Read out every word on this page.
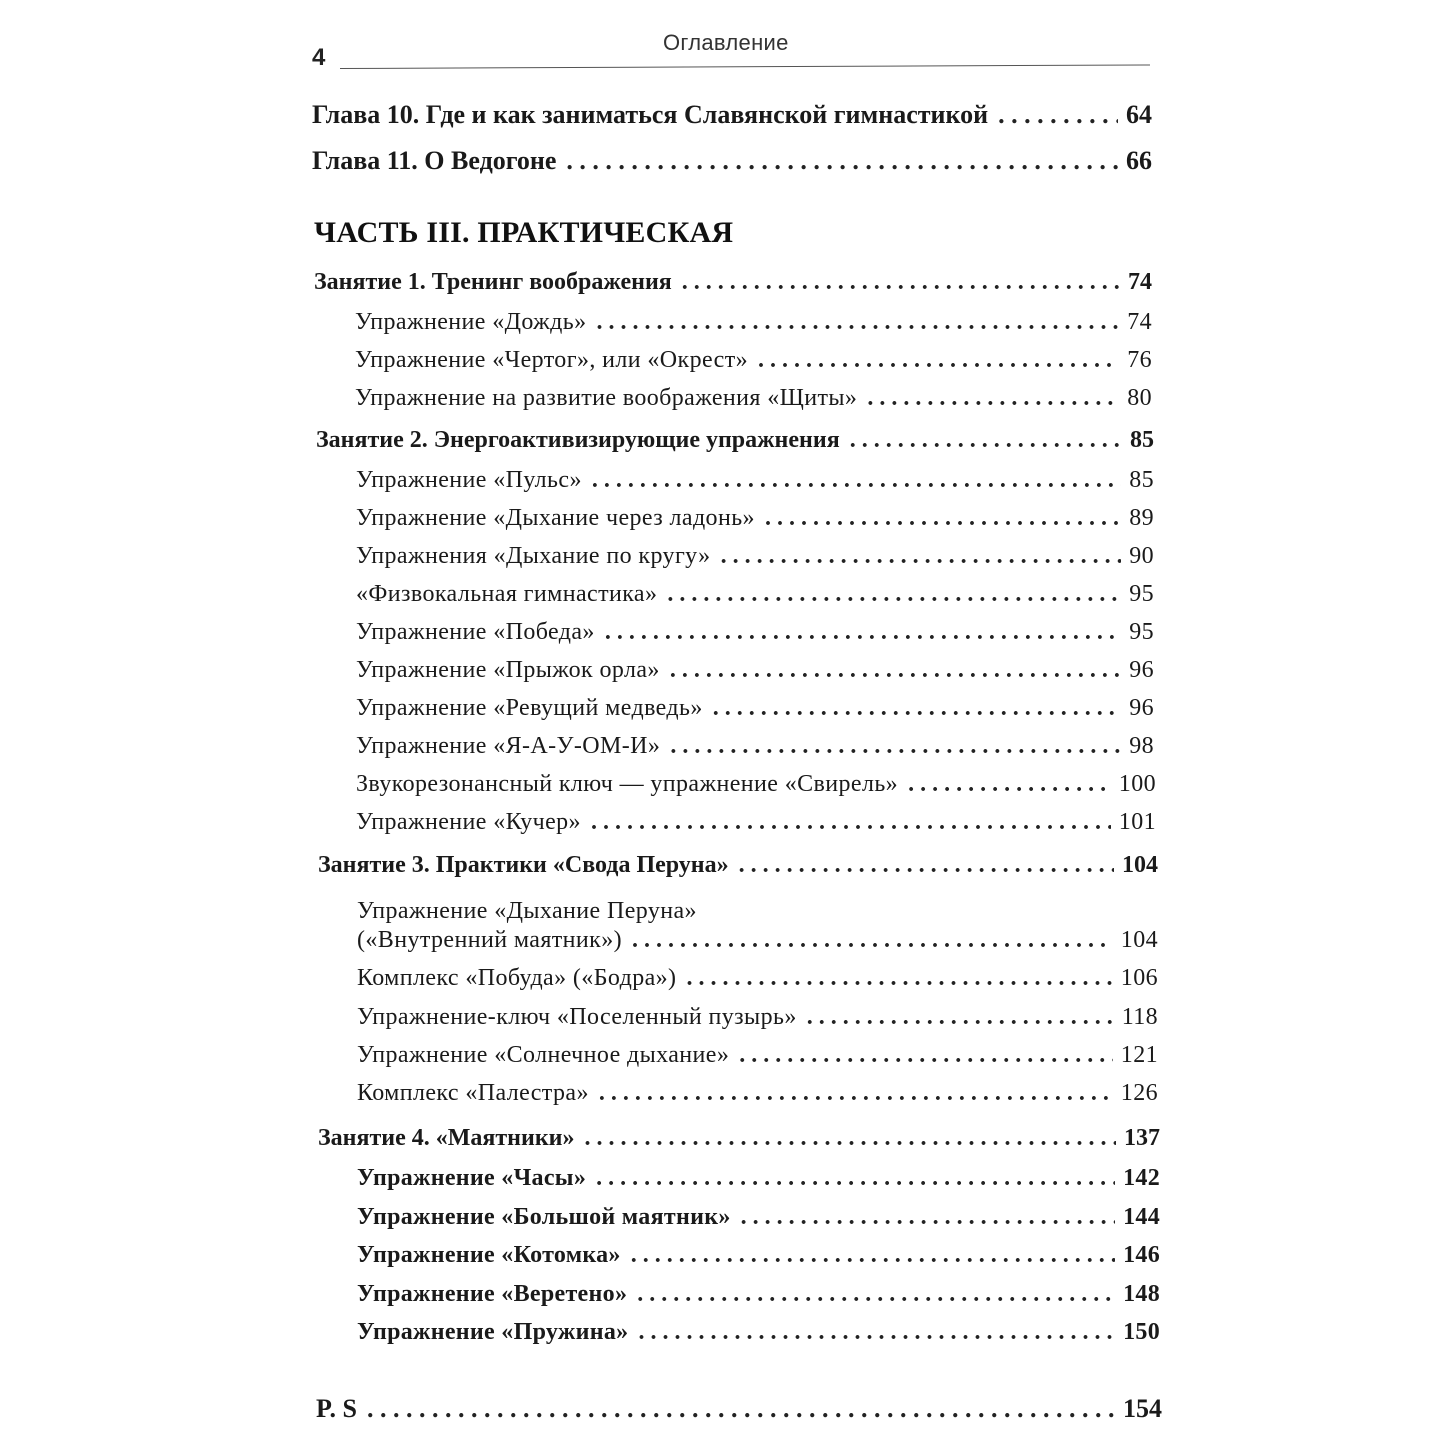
4
Оглавление
Глава 10. Где и как заниматься Славянской гимнастикой . . .	64
Глава 11. О Ведогоне . . .	66
ЧАСТЬ III. ПРАКТИЧЕСКАЯ
Занятие 1. Тренинг воображения . . .	74
Упражнение «Дождь» . . .	74
Упражнение «Чертог», или «Окрест» . . .	76
Упражнение на развитие воображения «Щиты» . . .	80
Занятие 2. Энергоактивизирующие упражнения . . .	85
Упражнение «Пульс» . . .	85
Упражнение «Дыхание через ладонь» . . .	89
Упражнения «Дыхание по кругу» . . .	90
«Физвокальная гимнастика» . . .	95
Упражнение «Победа» . . .	95
Упражнение «Прыжок орла» . . .	96
Упражнение «Ревущий медведь» . . .	96
Упражнение «Я-А-У-ОМ-И» . . .	98
Звукорезонансный ключ — упражнение «Свирель» . . .	100
Упражнение «Кучер» . . .	101
Занятие 3. Практики «Свода Перуна» . . .	104
Упражнение «Дыхание Перуна»
(«Внутренний маятник») . . .	104
Комплекс «Побуда» («Бодра») . . .	106
Упражнение-ключ «Поселенный пузырь» . . .	118
Упражнение «Солнечное дыхание» . . .	121
Комплекс «Палестра» . . .	126
Занятие 4. «Маятники» . . .	137
Упражнение «Часы» . . .	142
Упражнение «Большой маятник» . . .	144
Упражнение «Котомка» . . .	146
Упражнение «Веретено» . . .	148
Упражнение «Пружина» . . .	150
P. S . . .	154
